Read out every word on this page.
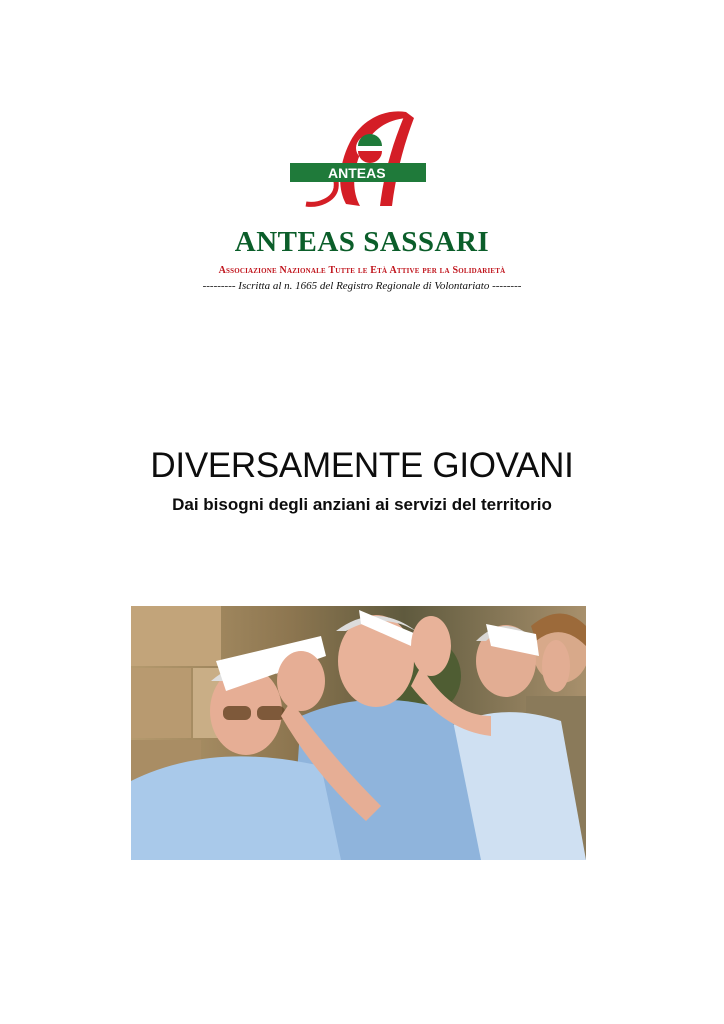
ANTEAS
ANTEAS SASSARI
Associazione Nazionale Tutte le Età Attive per la Solidarietà
--------- Iscritta al n. 1665 del Registro Regionale di Volontariato --------
DIVERSAMENTE GIOVANI
Dai bisogni degli anziani ai servizi del territorio
